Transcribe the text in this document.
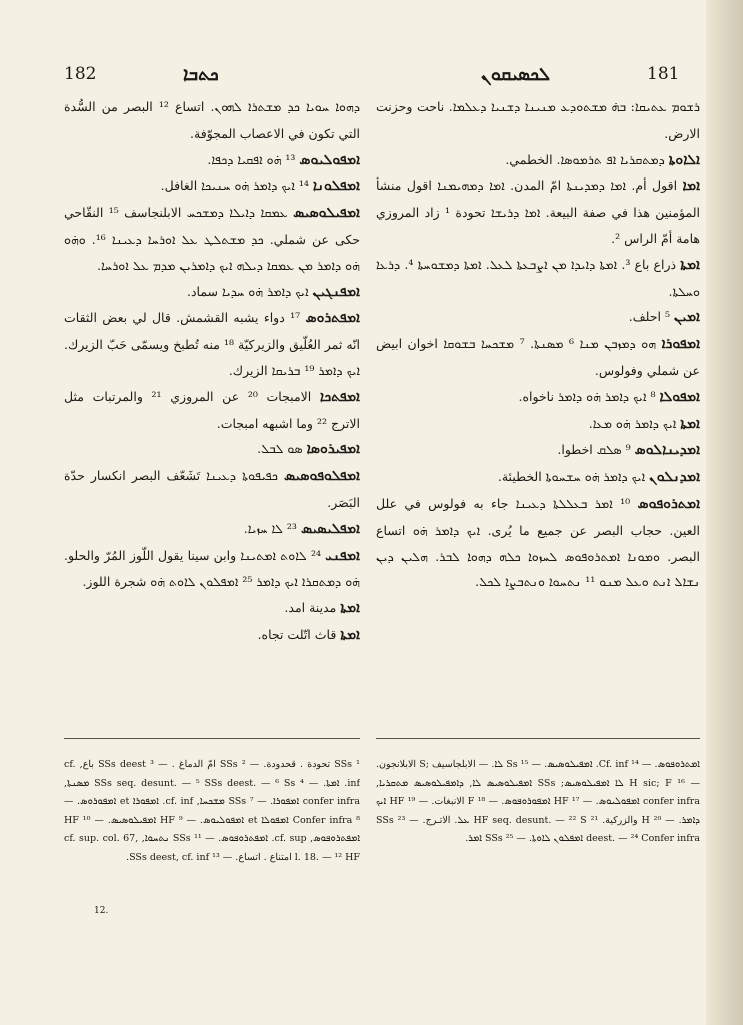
182	ܟܬܒܐ	ܠܟܣܝܩܘܢ	181

ܪܫܘܡ ܥܬܝܩܐ: ܒܗ̇ ܡܫܬܘܕܥ ܡܢܝܢܐ ܕܫܢܝܐ ܕܥܠܡܐ. ناحت وحزنت الارض.

ܐܠܐܘܬܐ ܕܡܬܩܪܝܐ ܐܦ ܬܪܡܘܣܐ. الخطمي.

ܐܡܐ اقول أم. ܐܡܐ ܕܡܕܝܢܬܐ امّ المدن. ܐܡܐ ܕܡܗܝܡܢܐ اقول منشأ المؤمنين هذا في صفة البيعة. ܐܡܐ ܕܪܝܫܐ تحودة ¹ زاد المروزي هامة أمّ الراس ².

ܐܡܬܐ ذراع باع ³. ܐܡܬܐ ܕܐܝܕܐ ܡܢ ܐܨܒܥܬܐ ܠܥܠ. ܐܡܬܐ ܕܡܫܘܚܬܐ ⁴. ܕܪܥܐ ܘܚܠܬܐ.

ܐܡܝܢ ⁵ احلف.

ܐܡܦܘܪܐ ܗܘ ܕܡܙܒܢ ܡܢܐ ⁶ ܡܣܢܬܐ. ⁷ ܡܫܟܚܐ ܒܫܘܩܐ اخوان ابيض عن شملي وفولوس.

ܐܡܦܘܠܐ ⁸ ܐܝܟ ܕܐܡܪ ܗ̇ܘ ܕܐܡܪ ناخواه.

ܐܡܬܐ ܐܝܟ ܕܐܡܪ ܗ̇ܘ ܡܥܐ.

ܐܡܕܝܢܐܠܘܣ ⁹ ܣܠܩ اخطوا.

ܐܡܕܢܠܘܢ ܐܝܟ ܕܐܡܪ ܗ̇ܘ ܚܫܚܘܬܐ الخطيئة.

ܐܡܬܪܘܦܘܣ ¹⁰ ܐܡܪ ܒܥܠܠܬܐ ܕܥܝܢܐ جاء به فولوس في علل العين. حجاب البصر عن جميع ما يُرى. ܐܝܟ ܕܐܡܪ ܗ̇ܘ اتساع البصر. ܘܡܘܢܐ ܐܡܬܪܘܦܘܣ ܠܚܙܘܐ ܟܠܗ ܕܗܘܐ ܠܒܪ. ܗܠܝܢ ܕܝܢ ܢܫܐܠ ܐܢܬ ܘܥܠ ܡܢܘ ¹¹ ܢܬܚܘܐ ܘܢܬܒܨܐ ܠܟܠ.

ܕܗܘܐ ܚܘܝܐ ܟܕ ܡܫܬܪܐ ܠܗܘܢ. اتساع ¹² البصر من السُّدة التي تكون في الاعصاب المجوّفة.

ܐܡܦܘܠܝܘܣ ¹³ ܗ̇ܘ ܐܦܩܝܐ ܕܟܦܐ.

ܐܡܦܠܘܢܐ ¹⁴ ܐܝܟ ܕܐܡܪ ܗ̇ܘ ܚܢܝܟܐ الغافل.

ܐܡܦܝܠܘܣܝܣ ܥܡܩܐ ܕܐܝܠܐ ܕܡܫܟܚ الابلنجاسف ¹⁵ النقّاحي حكى عن شملي. ܟܕ ܡܫܬܠܛ ܥܠ ܐܘܪܚܐ ܕܥܝܢܐ ¹⁶. ܘܗ̇ܘ ܗ̇ܘ ܕܐܡܪ ܡܢ ܥܡܩܐ ܕܝܠܗ ܐܝܟ ܕܐܡܪܝܢ ܡܕܡ ܥܠ ܐܘܪܚܐ.

ܐܡܦܢܓܝܢ ܐܝܟ ܕܐܡܪ ܗ̇ܘ ܚܕܝܐ سماد.

ܐܡܦܬܪܘܣ ¹⁷ دواء يشبه القشمش. قال لي بعض الثقات انّه ثمر العُلّيق والزيركيّة ¹⁸ منه تُطبخ ويسمّى حَبّ الزيرك. ܐܝܟ ܕܐܡܪ ¹⁹ ܒܪܝܩܐ الزيرك.

ܐܡܦܬܟܐ الامبجات ²⁰ عن المروزي ²¹ والمرتبات مثل الاترج ²² وما اشبهه امبجات.

ܐܡܦܝܪܘܣܐ ܣܘ ܠܒܠ.

ܐܡܦܠܘܦܘܣܝܣ ܟܦܝܦܘܬܐ ܕܥܝܢܐ تَشَعّف البصر انكسار حدّة البَصَر.

ܐܡܦܠܝܣܝܣ ²³ ܠܐ ܚܙܝܐ.

ܐܡܦܢܝ ²⁴ ܠܐܘܬ ܐܡܬܝܢܐ وابن سينا يقول اللّوز المُرّ والحلو. ܗ̇ܘ ܕܡܬܩܪܐ ܐܝܟ ܕܐܡܪ ²⁵ ܐܡܦܠܘܢ ܠܐܘܬ ܗ̇ܘ شجرة اللوز.

ܐܡܬܐ مدينة امد.

ܐܡܬܐ قاث اتّلت تجاه.

ܐܡܬܪܘܦܘܣ. — ¹⁴ Cf. inf. ܐܡܦܝܠܘܣܝܣ. — ¹⁵ Ss ܠܐ. — الابلجاسيف ;S الابلانجون. — ¹⁶ H sic; F ܠܐ ܐܡܦܝܠܘܣܝܣ; SSs ܐܡܦܝܠܘܣܝܣ ܠܐ, ܕܐܡܦܝܠܘܣܝܣ ܡܬܩܪܝܐ, confer infra ܐܡܦܘܠܝܘܣ. — ¹⁷ HF ܐܡܦܘܪܘܦܘܣ. — ¹⁸ F الانبغات. — ¹⁹ HF ܐܝܟ ܕܐܡܪ. — ²⁰ H والزركية. ²¹ HF seq. desunt. — ²² S ܥܠ. الاتـرج. — ²³ SSs deest. — ²⁴ Confer infra ܐܡܦܠܘܢ ܠܐܘܬܐ. — ²⁵ SSs ܐܡܪ.

¹ SSs تحودة . قحدودة. — ² SSs امّ الدماغ . — ³ SSs deest باع, cf. inf. ܐܡܬܐ. — ⁴ SSs seq. desunt. — ⁵ SSs deest. — ⁶ Ss ܡܣܢܬܐ, confer infra ܐܡܦܘܪܐ. — ⁷ SSs ܡܫܟܚܐ, cf. inf. ܐܡܦܘܪܐ et ܐܡܦܘܪܘܣ. — ⁸ Confer infra ܐܡܦܘܠܐ et ܐܡܦܘܠܝܘܣ. — ⁹ HF ܐܡܦܝܠܘܣܝܣ. — ¹⁰ HF ܐܡܦܬܪܘܦܘܣ, cf. sup. ܐܡܦܬܪܘܦܘܣ. — ¹¹ SSs ܢܬܚܘܐ, cf. sup. col. 67, l. 18. — ¹² HF امتناع . اتساع. — ¹³ SSs deest, cf. inf.

12.
